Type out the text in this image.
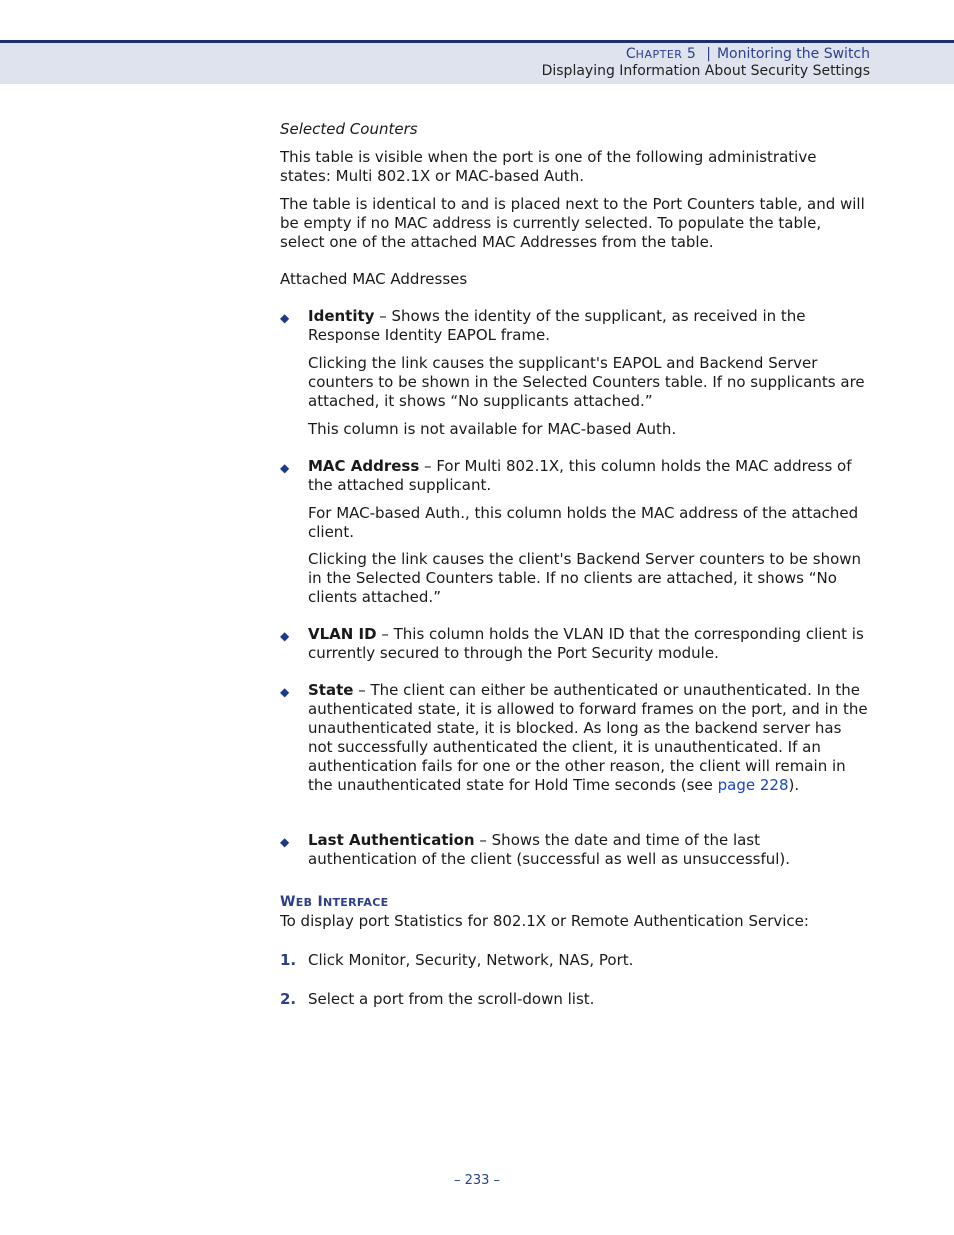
CHAPTER 5 | Monitoring the Switch
Displaying Information About Security Settings

Selected Counters

This table is visible when the port is one of the following administrative states: Multi 802.1X or MAC-based Auth.

The table is identical to and is placed next to the Port Counters table, and will be empty if no MAC address is currently selected. To populate the table, select one of the attached MAC Addresses from the table.

Attached MAC Addresses

◆	Identity – Shows the identity of the supplicant, as received in the Response Identity EAPOL frame.

Clicking the link causes the supplicant's EAPOL and Backend Server counters to be shown in the Selected Counters table. If no supplicants are attached, it shows “No supplicants attached.”

This column is not available for MAC-based Auth.

◆	MAC Address – For Multi 802.1X, this column holds the MAC address of the attached supplicant.

For MAC-based Auth., this column holds the MAC address of the attached client.

Clicking the link causes the client's Backend Server counters to be shown in the Selected Counters table. If no clients are attached, it shows “No clients attached.”

◆	VLAN ID – This column holds the VLAN ID that the corresponding client is currently secured to through the Port Security module.

◆	State – The client can either be authenticated or unauthenticated. In the authenticated state, it is allowed to forward frames on the port, and in the unauthenticated state, it is blocked. As long as the backend server has not successfully authenticated the client, it is unauthenticated. If an authentication fails for one or the other reason, the client will remain in the unauthenticated state for Hold Time seconds (see page 228).

◆	Last Authentication – Shows the date and time of the last authentication of the client (successful as well as unsuccessful).

WEB INTERFACE

To display port Statistics for 802.1X or Remote Authentication Service:

1. Click Monitor, Security, Network, NAS, Port.

2. Select a port from the scroll-down list.

– 233 –
